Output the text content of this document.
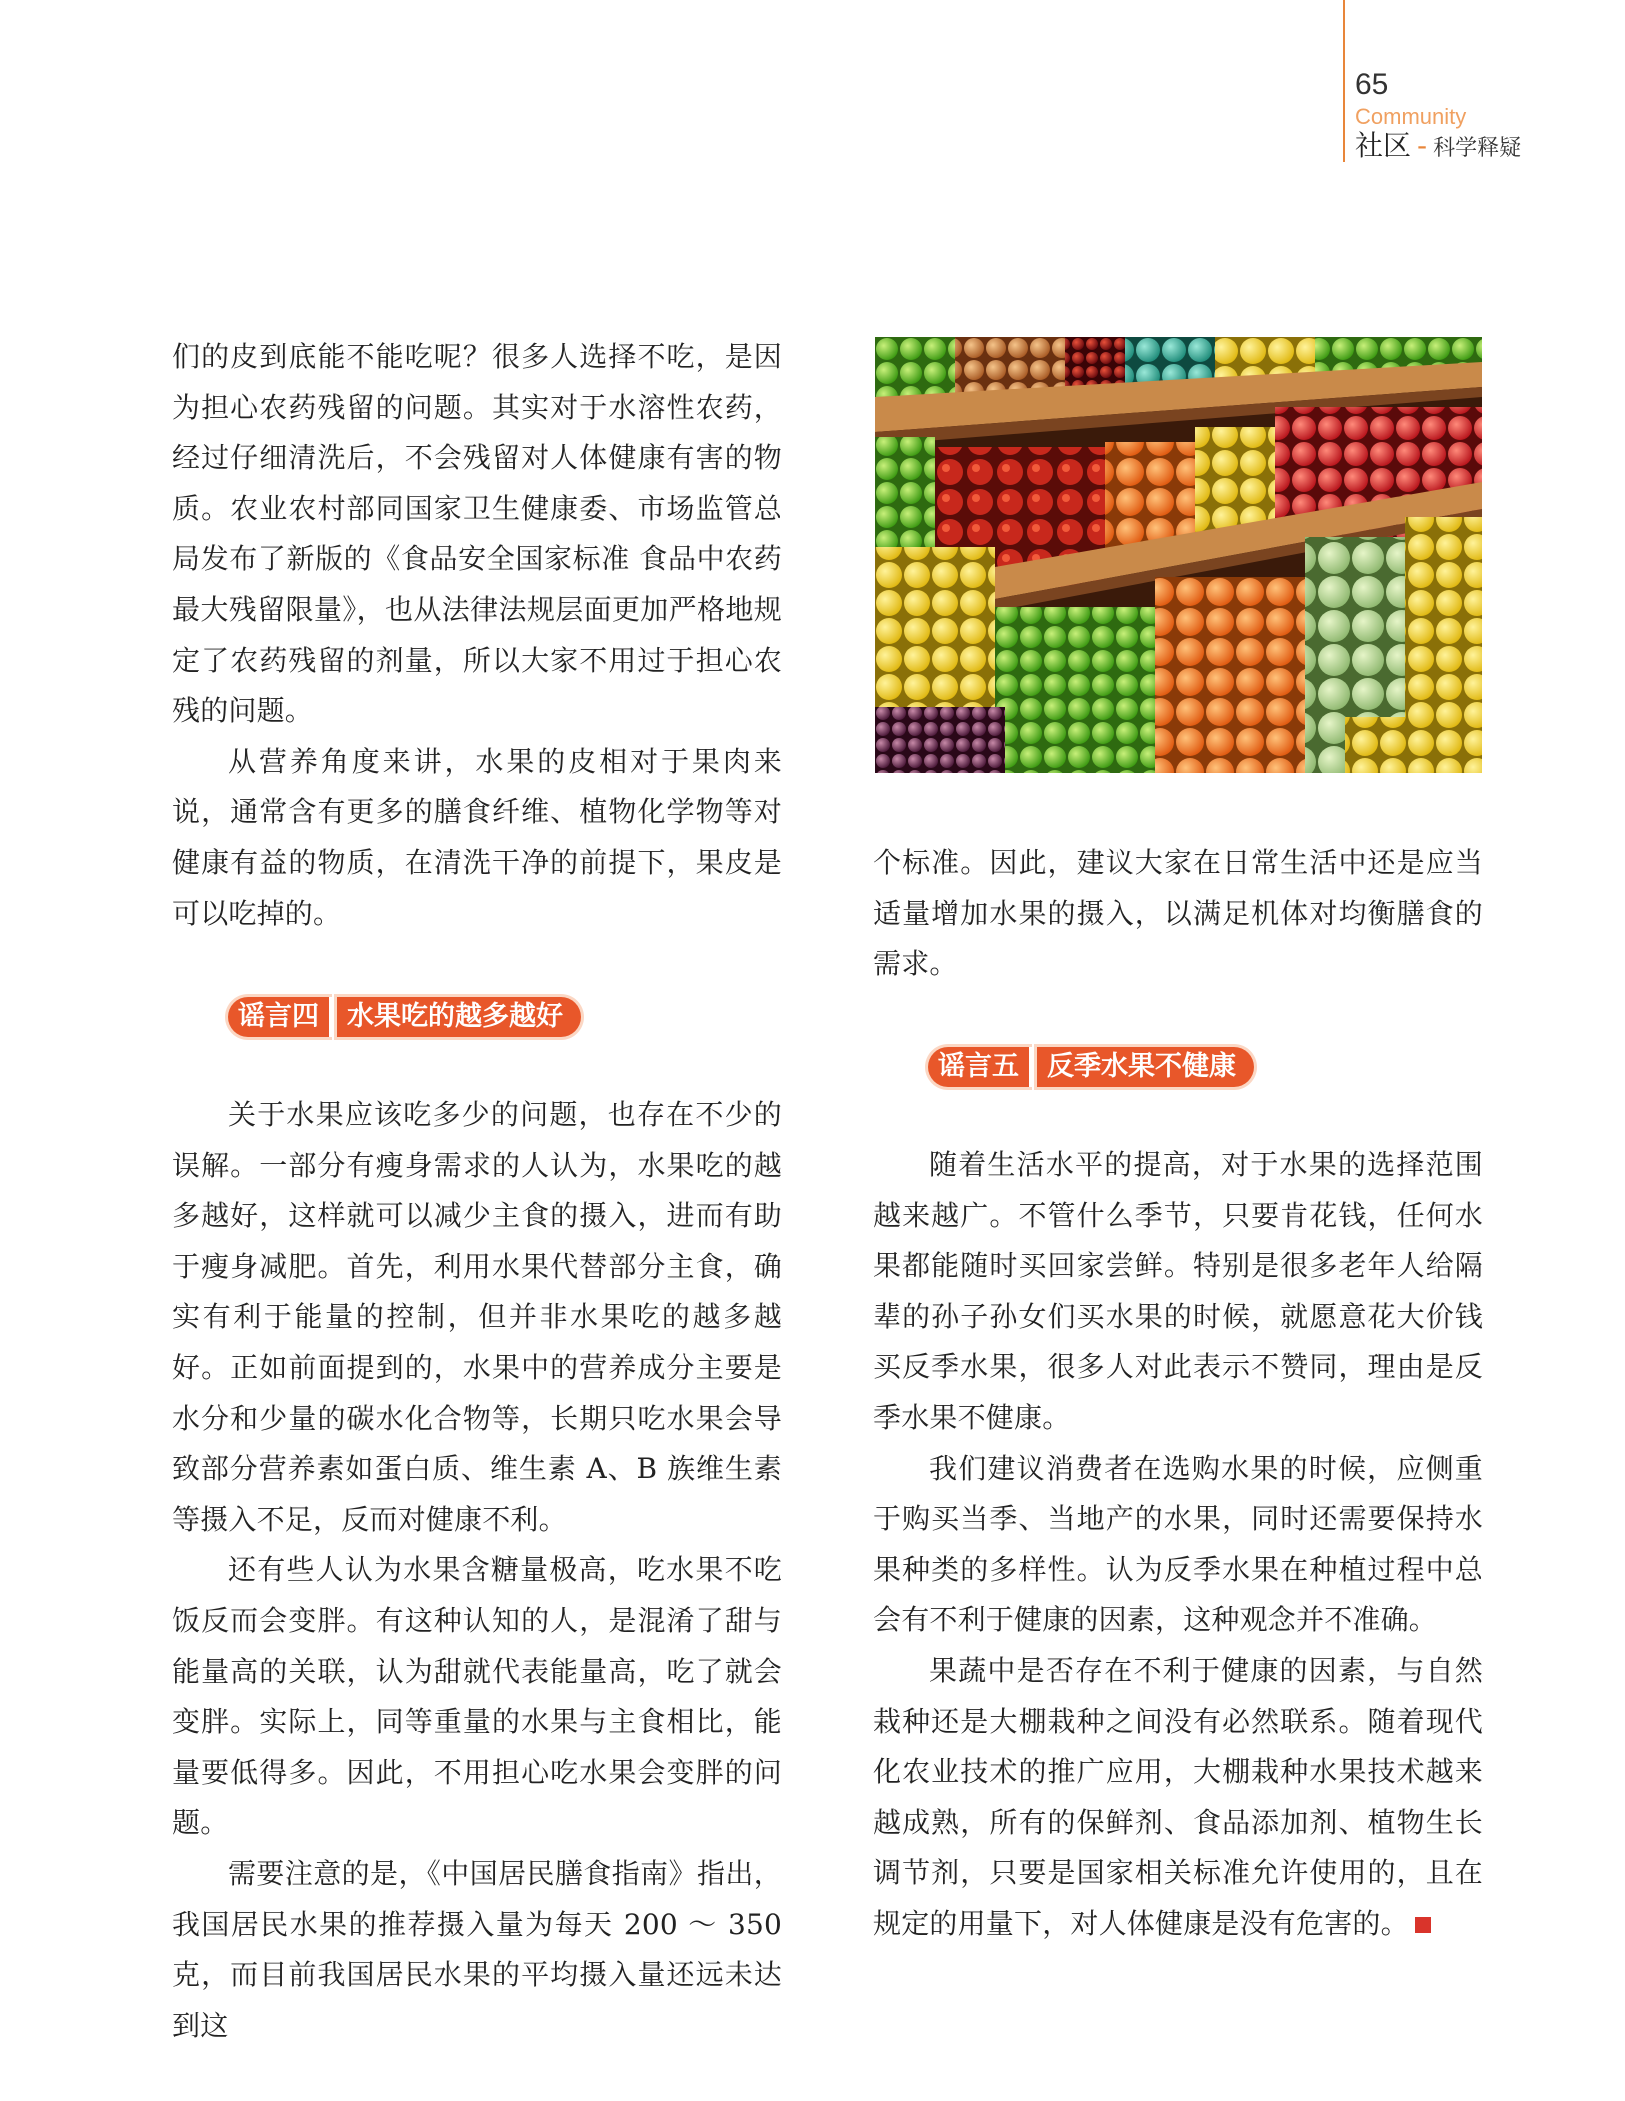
65
Community
社区 - 科学释疑

们的皮到底能不能吃呢？很多人选择不吃，是因为担心农药残留的问题。其实对于水溶性农药，经过仔细清洗后，不会残留对人体健康有害的物质。农业农村部同国家卫生健康委、市场监管总局发布了新版的《食品安全国家标准 食品中农药最大残留限量》，也从法律法规层面更加严格地规定了农药残留的剂量，所以大家不用过于担心农残的问题。

从营养角度来讲，水果的皮相对于果肉来说，通常含有更多的膳食纤维、植物化学物等对健康有益的物质，在清洗干净的前提下，果皮是可以吃掉的。

谣言四	水果吃的越多越好

关于水果应该吃多少的问题，也存在不少的误解。一部分有瘦身需求的人认为，水果吃的越多越好，这样就可以减少主食的摄入，进而有助于瘦身减肥。首先，利用水果代替部分主食，确实有利于能量的控制，但并非水果吃的越多越好。正如前面提到的，水果中的营养成分主要是水分和少量的碳水化合物等，长期只吃水果会导致部分营养素如蛋白质、维生素 A、B 族维生素等摄入不足，反而对健康不利。

还有些人认为水果含糖量极高，吃水果不吃饭反而会变胖。有这种认知的人，是混淆了甜与能量高的关联，认为甜就代表能量高，吃了就会变胖。实际上，同等重量的水果与主食相比，能量要低得多。因此，不用担心吃水果会变胖的问题。

需要注意的是，《中国居民膳食指南》指出，我国居民水果的推荐摄入量为每天 200 ～ 350 克，而目前我国居民水果的平均摄入量还远未达到这

个标准。因此，建议大家在日常生活中还是应当适量增加水果的摄入，以满足机体对均衡膳食的需求。

谣言五	反季水果不健康

随着生活水平的提高，对于水果的选择范围越来越广。不管什么季节，只要肯花钱，任何水果都能随时买回家尝鲜。特别是很多老年人给隔辈的孙子孙女们买水果的时候，就愿意花大价钱买反季水果，很多人对此表示不赞同，理由是反季水果不健康。

我们建议消费者在选购水果的时候，应侧重于购买当季、当地产的水果，同时还需要保持水果种类的多样性。认为反季水果在种植过程中总会有不利于健康的因素，这种观念并不准确。

果蔬中是否存在不利于健康的因素，与自然栽种还是大棚栽种之间没有必然联系。随着现代化农业技术的推广应用，大棚栽种水果技术越来越成熟，所有的保鲜剂、食品添加剂、植物生长调节剂，只要是国家相关标准允许使用的，且在规定的用量下，对人体健康是没有危害的。	S
